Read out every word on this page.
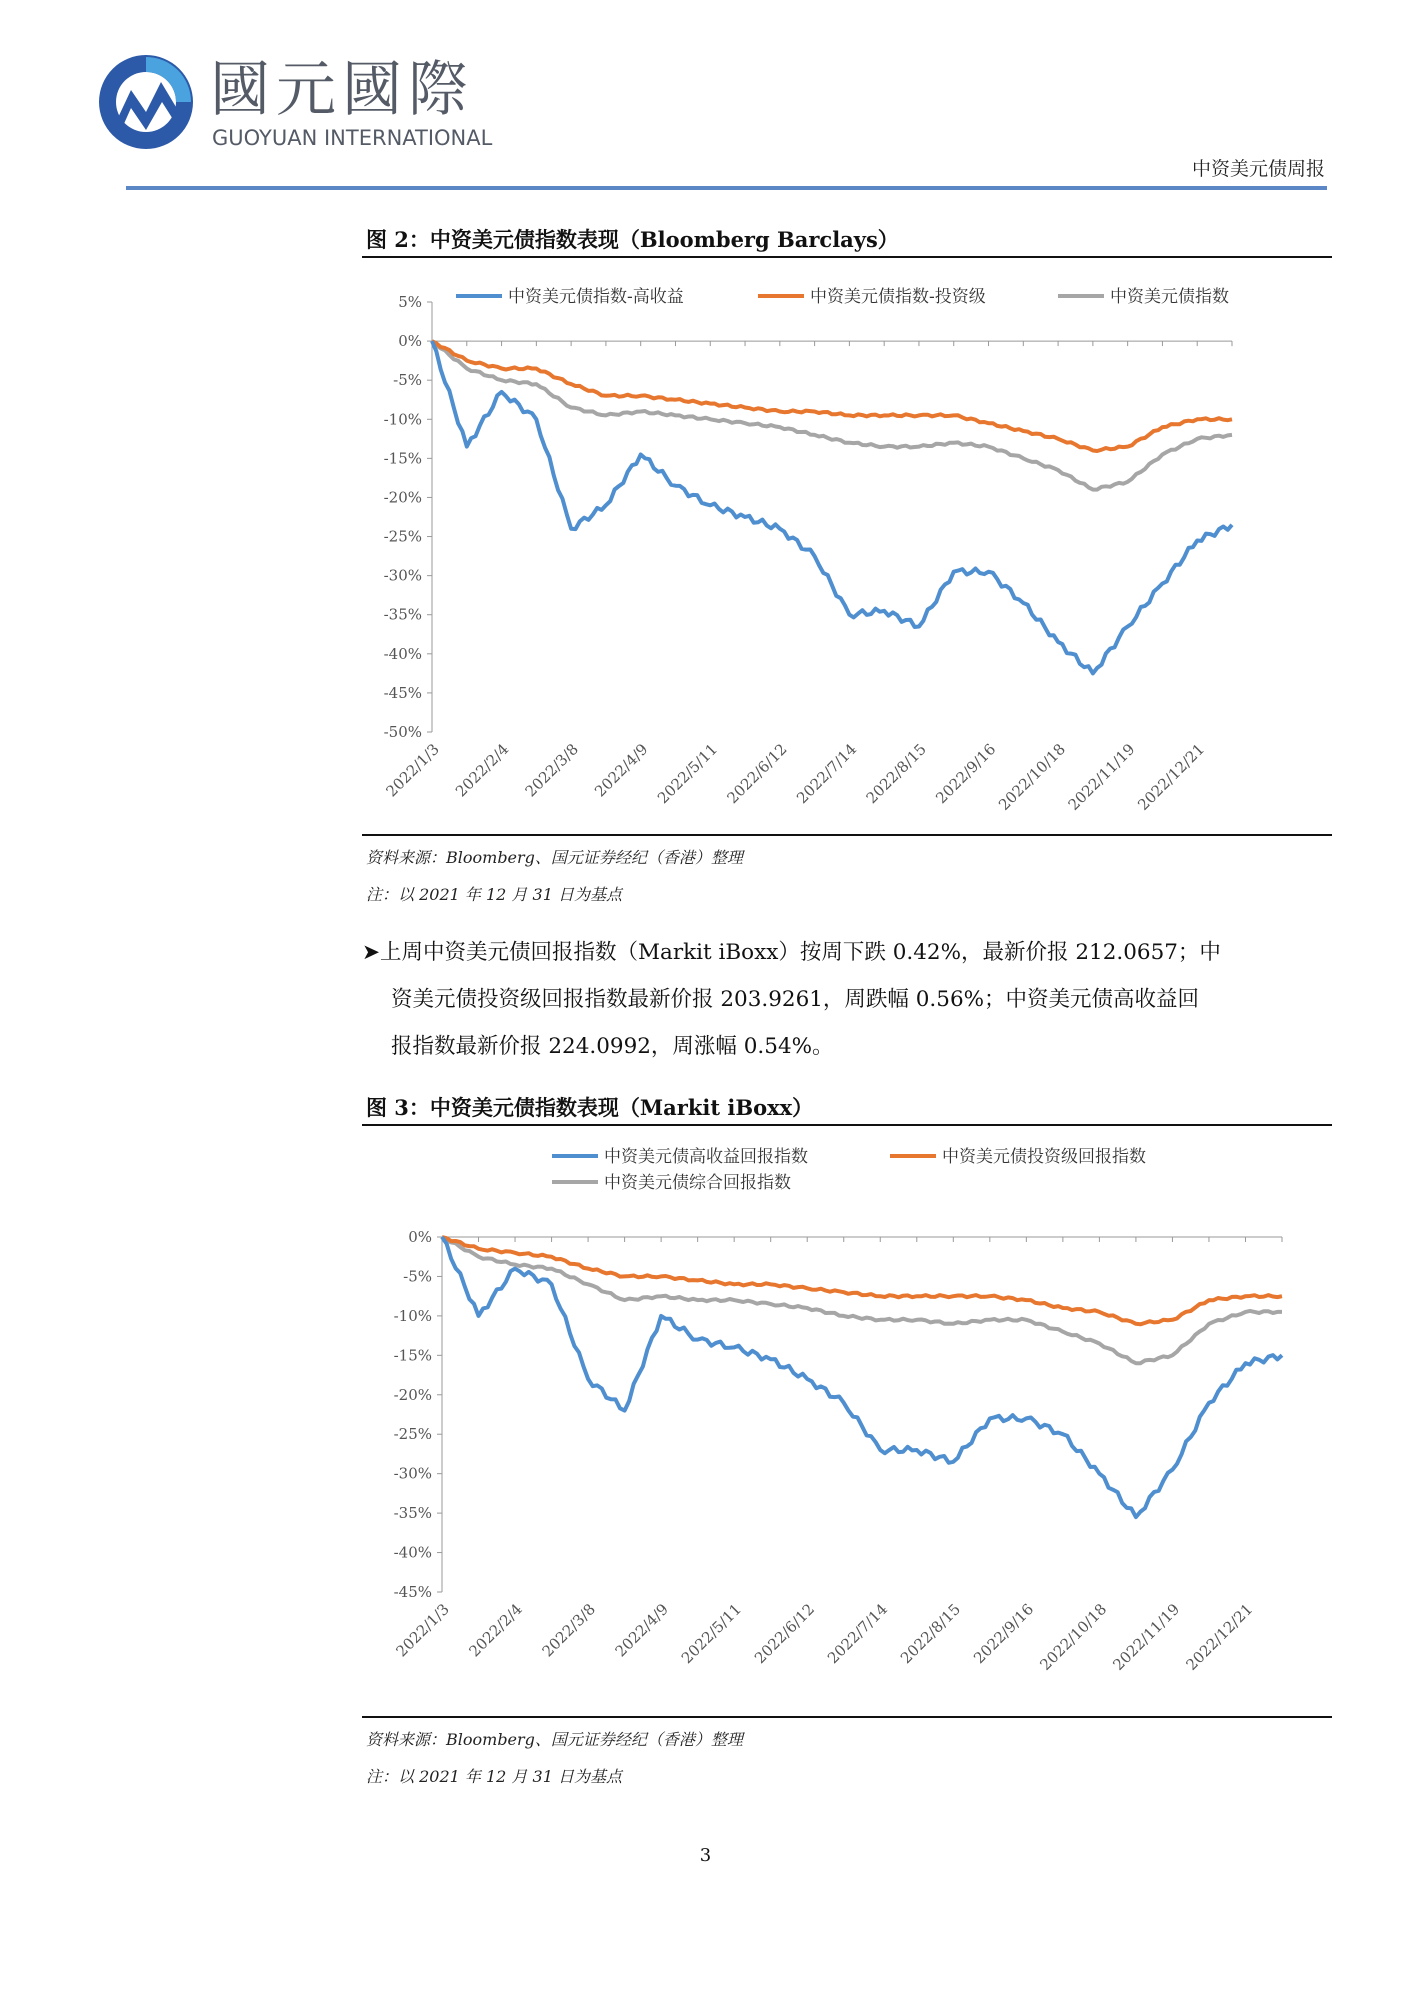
國元國際
GUOYUAN INTERNATIONAL
中资美元债周报
图 2：中资美元债指数表现（Bloomberg Barclays）
中资美元债指数-高收益	中资美元债指数-投资级	中资美元债指数
5%
0%
-5%
-10%
-15%
-20%
-25%
-30%
-35%
-40%
-45%
-50%
2022/1/3 2022/2/4 2022/3/8 2022/4/9 2022/5/11 2022/6/12 2022/7/14 2022/8/15 2022/9/16
2022/10/18
2022/11/19
2022/12/21
资料来源：Bloomberg、国元证券经纪（香港）整理
注：以 2021 年 12 月 31 日为基点
➤上周中资美元债回报指数（Markit iBoxx）按周下跌 0.42%，最新价报 212.0657；中
资美元债投资级回报指数最新价报 203.9261，周跌幅 0.56%；中资美元债高收益回
报指数最新价报 224.0992，周涨幅 0.54%。
图 3：中资美元债指数表现（Markit iBoxx）
中资美元债高收益回报指数	中资美元债投资级回报指数
中资美元债综合回报指数
0%
-5%
-10%
-15%
-20%
-25%
-30%
-35%
-40%
-45%
2022/1/3 2022/2/4 2022/3/8 2022/4/9 2022/5/11 2022/6/12 2022/7/14 2022/8/15 2022/9/16 2022/10/18 2022/11/19 2022/12/21
资料来源：Bloomberg、国元证券经纪（香港）整理
注：以 2021 年 12 月 31 日为基点
3
